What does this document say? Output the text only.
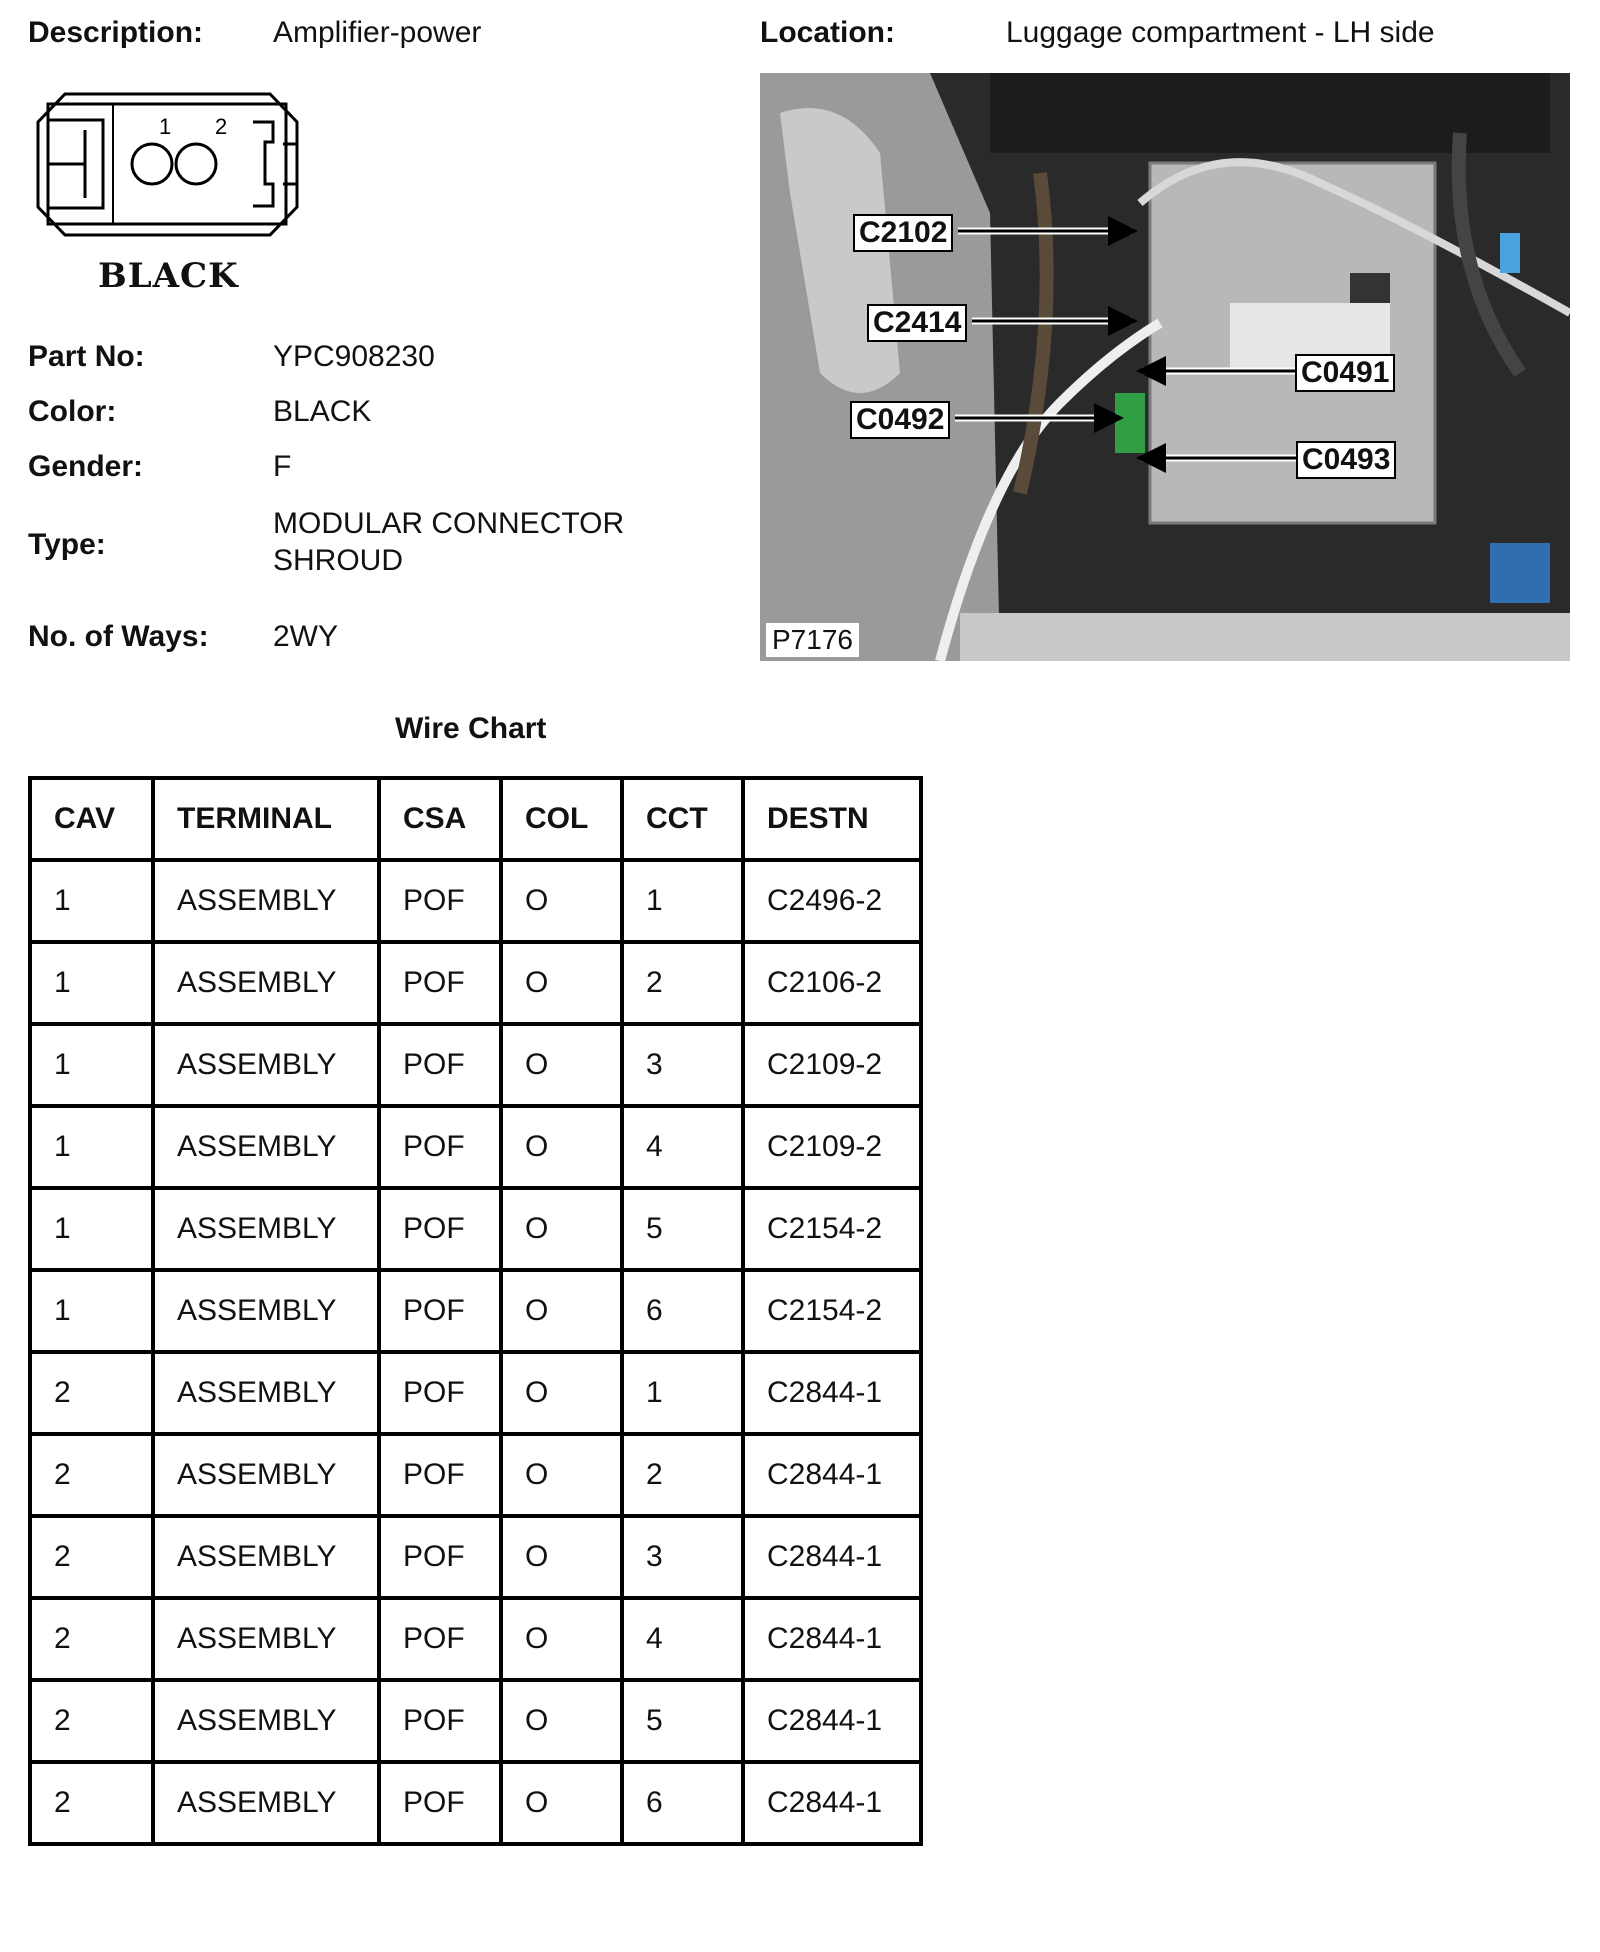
Description: Amplifier-power	Location:	Luggage compartment - LH side
1 2
BLACK
Part No:	YPC908230
Color:	BLACK
Gender:	F
Type:
MODULAR CONNECTOR
SHROUD
No. of Ways: 2WY
C2102
C2414
C0491
C0492
C0493
P7176
Wire Chart
CAV	TERMINAL	CSA	COL	CCT	DESTN
1	ASSEMBLY	POF	O	1	C2496-2
1	ASSEMBLY	POF	O	2	C2106-2
1	ASSEMBLY	POF	O	3	C2109-2
1	ASSEMBLY	POF	O	4	C2109-2
1	ASSEMBLY	POF	O	5	C2154-2
1	ASSEMBLY	POF	O	6	C2154-2
2	ASSEMBLY	POF	O	1	C2844-1
2	ASSEMBLY	POF	O	2	C2844-1
2	ASSEMBLY	POF	O	3	C2844-1
2	ASSEMBLY	POF	O	4	C2844-1
2	ASSEMBLY	POF	O	5	C2844-1
2	ASSEMBLY	POF	O	6	C2844-1
